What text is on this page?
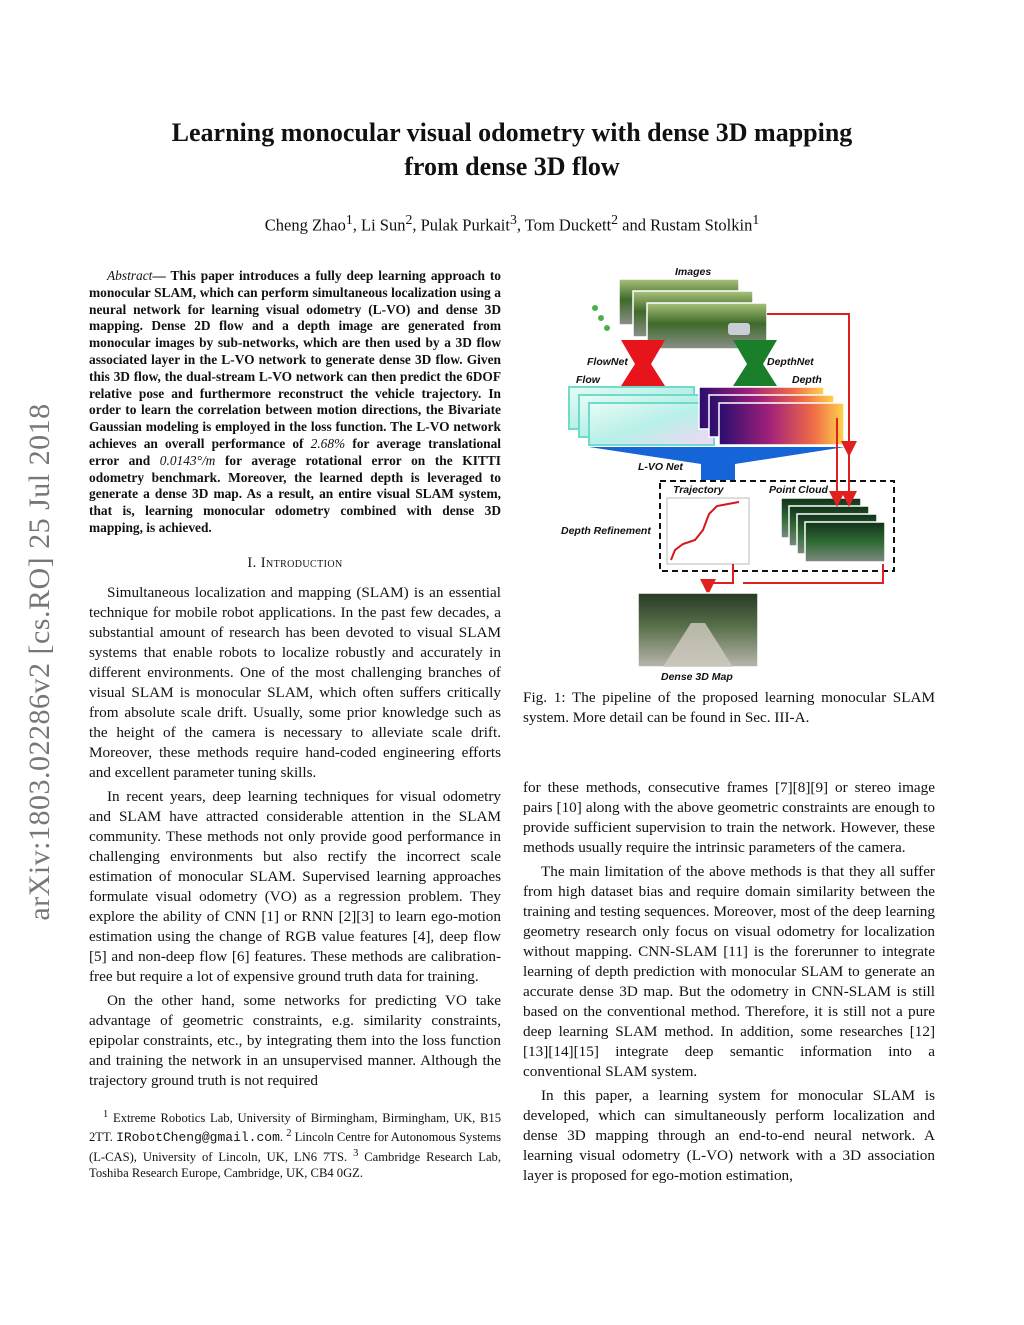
Learning monocular visual odometry with dense 3D mapping
from dense 3D flow
Cheng Zhao$^1$, Li Sun$^2$, Pulak Purkait$^3$, Tom Duckett$^2$ and Rustam Stolkin$^1$
arXiv:1803.02286v2 [cs.RO] 25 Jul 2018

Abstract— This paper introduces a fully deep learning approach to monocular SLAM, which can perform simultaneous localization using a neural network for learning visual odometry (L-VO) and dense 3D mapping. Dense 2D flow and a depth image are generated from monocular images by sub-networks, which are then used by a 3D flow associated layer in the L-VO network to generate dense 3D flow. Given this 3D flow, the dual-stream L-VO network can then predict the 6DOF relative pose and furthermore reconstruct the vehicle trajectory. In order to learn the correlation between motion directions, the Bivariate Gaussian modeling is employed in the loss function. The L-VO network achieves an overall performance of 2.68% for average translational error and 0.0143°/m for average rotational error on the KITTI odometry benchmark. Moreover, the learned depth is leveraged to generate a dense 3D map. As a result, an entire visual SLAM system, that is, learning monocular odometry combined with dense 3D mapping, is achieved.

I. Introduction

Simultaneous localization and mapping (SLAM) is an essential technique for mobile robot applications. In the past few decades, a substantial amount of research has been devoted to visual SLAM systems that enable robots to localize robustly and accurately in different environments. One of the most challenging branches of visual SLAM is monocular SLAM, which often suffers critically from absolute scale drift. Usually, some prior knowledge such as the height of the camera is necessary to alleviate scale drift. Moreover, these methods require hand-coded engineering efforts and excellent parameter tuning skills.

In recent years, deep learning techniques for visual odometry and SLAM have attracted considerable attention in the SLAM community. These methods not only provide good performance in challenging environments but also rectify the incorrect scale estimation of monocular SLAM. Supervised learning approaches formulate visual odometry (VO) as a regression problem. They explore the ability of CNN [1] or RNN [2][3] to learn ego-motion estimation using the change of RGB value features [4], deep flow [5] and non-deep flow [6] features. These methods are calibration-free but require a lot of expensive ground truth data for training.

On the other hand, some networks for predicting VO take advantage of geometric constraints, e.g. similarity constraints, epipolar constraints, etc., by integrating them into the loss function and training the network in an unsupervised manner. Although the trajectory ground truth is not required

$^1$ Extreme Robotics Lab, University of Birmingham, Birmingham, UK, B15 2TT. IRobotCheng@gmail.com. $^2$ Lincoln Centre for Autonomous Systems (L-CAS), University of Lincoln, UK, LN6 7TS. $^3$ Cambridge Research Lab, Toshiba Research Europe, Cambridge, UK, CB4 0GZ.

Images
FlowNet
Flow
DepthNet
Depth
L-VO Net
Trajectory	Point Cloud
Depth Refinement
Dense 3D Map

Fig. 1: The pipeline of the proposed learning monocular SLAM system. More detail can be found in Sec. III-A.

for these methods, consecutive frames [7][8][9] or stereo image pairs [10] along with the above geometric constraints are enough to provide sufficient supervision to train the network. However, these methods usually require the intrinsic parameters of the camera.

The main limitation of the above methods is that they all suffer from high dataset bias and require domain similarity between the training and testing sequences. Moreover, most of the deep learning geometry research only focus on visual odometry for localization without mapping. CNN-SLAM [11] is the forerunner to integrate learning of depth prediction with monocular SLAM to generate an accurate dense 3D map. But the odometry in CNN-SLAM is still based on the conventional method. Therefore, it is still not a pure deep learning SLAM method. In addition, some researches [12][13][14][15] integrate deep semantic information into a conventional SLAM system.

In this paper, a learning system for monocular SLAM is developed, which can simultaneously perform localization and dense 3D mapping through an end-to-end neural network. A learning visual odometry (L-VO) network with a 3D association layer is proposed for ego-motion estimation,
